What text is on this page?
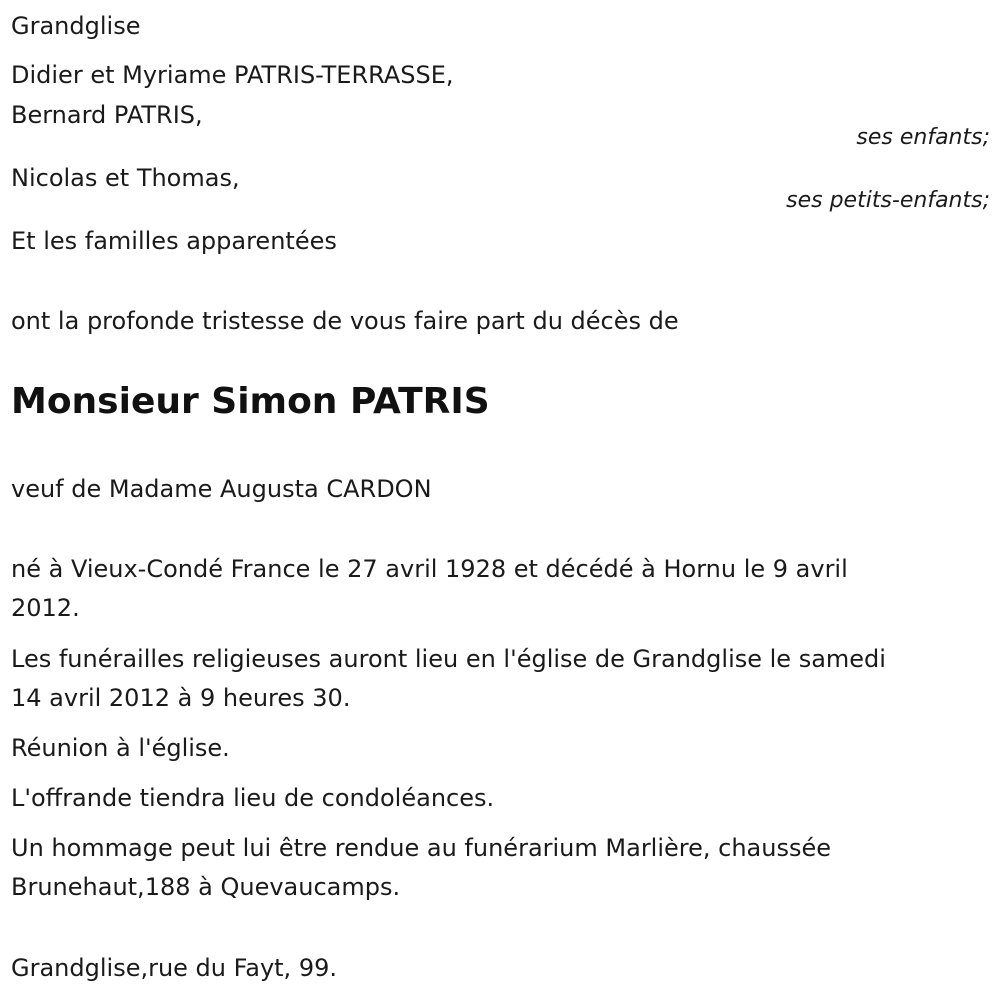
Grandglise

Didier et Myriame PATRIS-TERRASSE,

Bernard PATRIS,

ses enfants;

Nicolas et Thomas,

ses petits-enfants;

Et les familles apparentées

ont la profonde tristesse de vous faire part du décès de

Monsieur Simon PATRIS

veuf de Madame Augusta CARDON

né à Vieux-Condé France le 27 avril 1928 et décédé à Hornu le 9 avril

2012.

Les funérailles religieuses auront lieu en l'église de Grandglise le samedi

14 avril 2012 à 9 heures 30.

Réunion à l'église.

L'offrande tiendra lieu de condoléances.

Un hommage peut lui être rendue au funérarium Marlière, chaussée

Brunehaut,188 à Quevaucamps.

Grandglise,rue du Fayt, 99.
